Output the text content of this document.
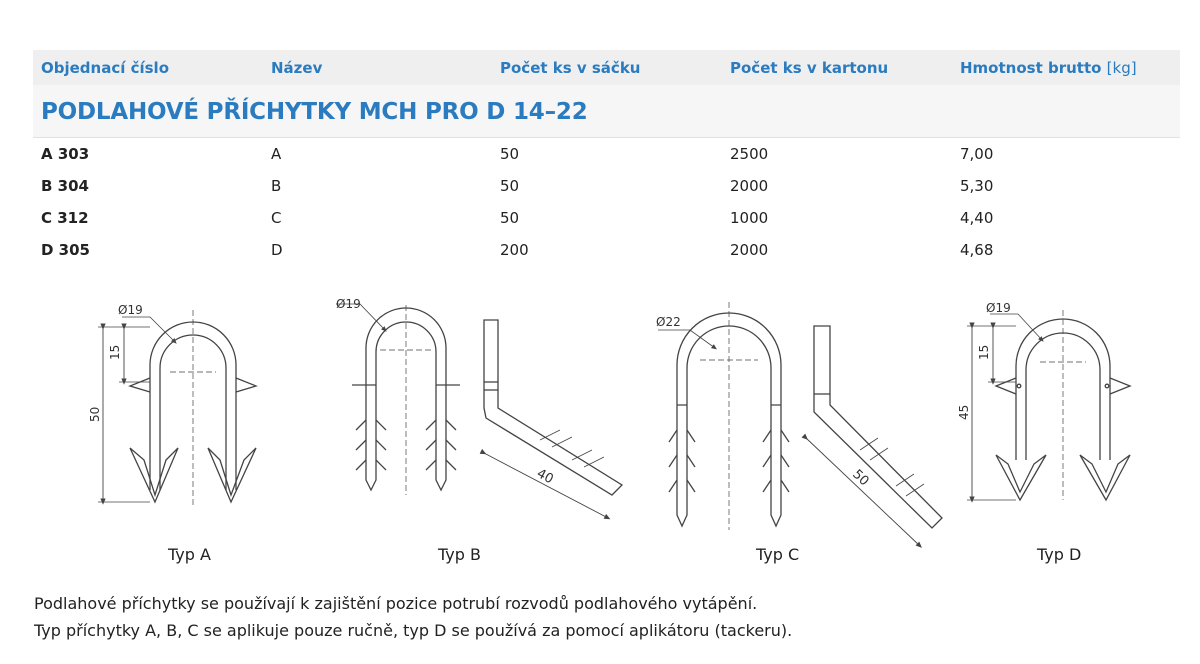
Objednací číslo	Název	Počet ks v sáčku	Počet ks v kartonu	Hmotnost brutto [kg]
PODLAHOVÉ PŘÍCHYTKY MCH PRO D 14–22
A 303	A	50	2500	7,00
B 304	B	50	2000	5,30
C 312	C	50	1000	4,40
D 305	D	200	2000	4,68
Ø19
15
50
Ø19
40
Ø22
50
Ø19
15
45
Typ A	Typ B	Typ C	Typ D
Podlahové příchytky se používají k zajištění pozice potrubí rozvodů podlahového vytápění.
Typ příchytky A, B, C se aplikuje pouze ručně, typ D se používá za pomocí aplikátoru (tackeru).
